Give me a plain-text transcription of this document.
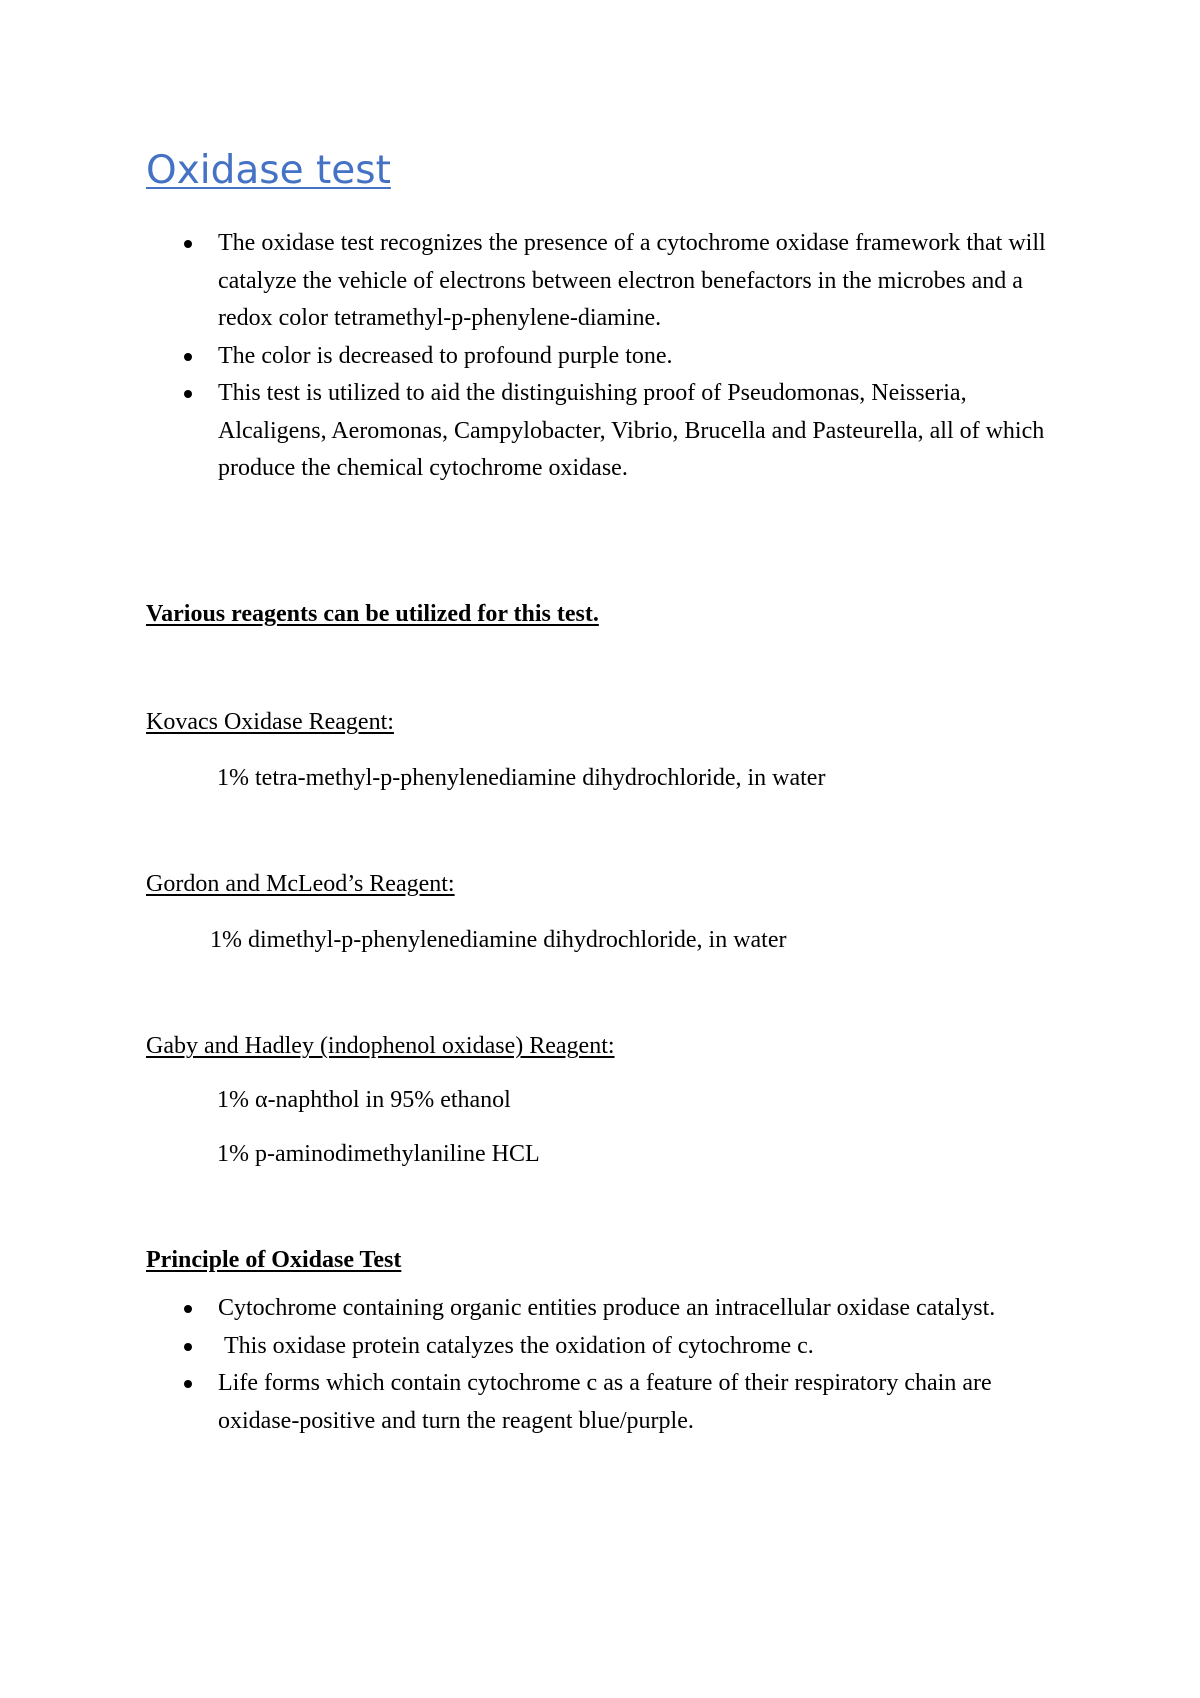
Oxidase test
The oxidase test recognizes the presence of a cytochrome oxidase framework that will catalyze the vehicle of electrons between electron benefactors in the microbes and a redox color tetramethyl-p-phenylene-diamine.
The color is decreased to profound purple tone.
This test is utilized to aid the distinguishing proof of Pseudomonas, Neisseria, Alcaligens, Aeromonas, Campylobacter, Vibrio, Brucella and Pasteurella, all of which produce the chemical cytochrome oxidase.

Various reagents can be utilized for this test.

Kovacs Oxidase Reagent:

1% tetra-methyl-p-phenylenediamine dihydrochloride, in water

Gordon and McLeod’s Reagent:

1% dimethyl-p-phenylenediamine dihydrochloride, in water

Gaby and Hadley (indophenol oxidase) Reagent:

1% α-naphthol in 95% ethanol

1% p-aminodimethylaniline HCL

Principle of Oxidase Test

Cytochrome containing organic entities produce an intracellular oxidase catalyst.
This oxidase protein catalyzes the oxidation of cytochrome c.
Life forms which contain cytochrome c as a feature of their respiratory chain are oxidase-positive and turn the reagent blue/purple.
